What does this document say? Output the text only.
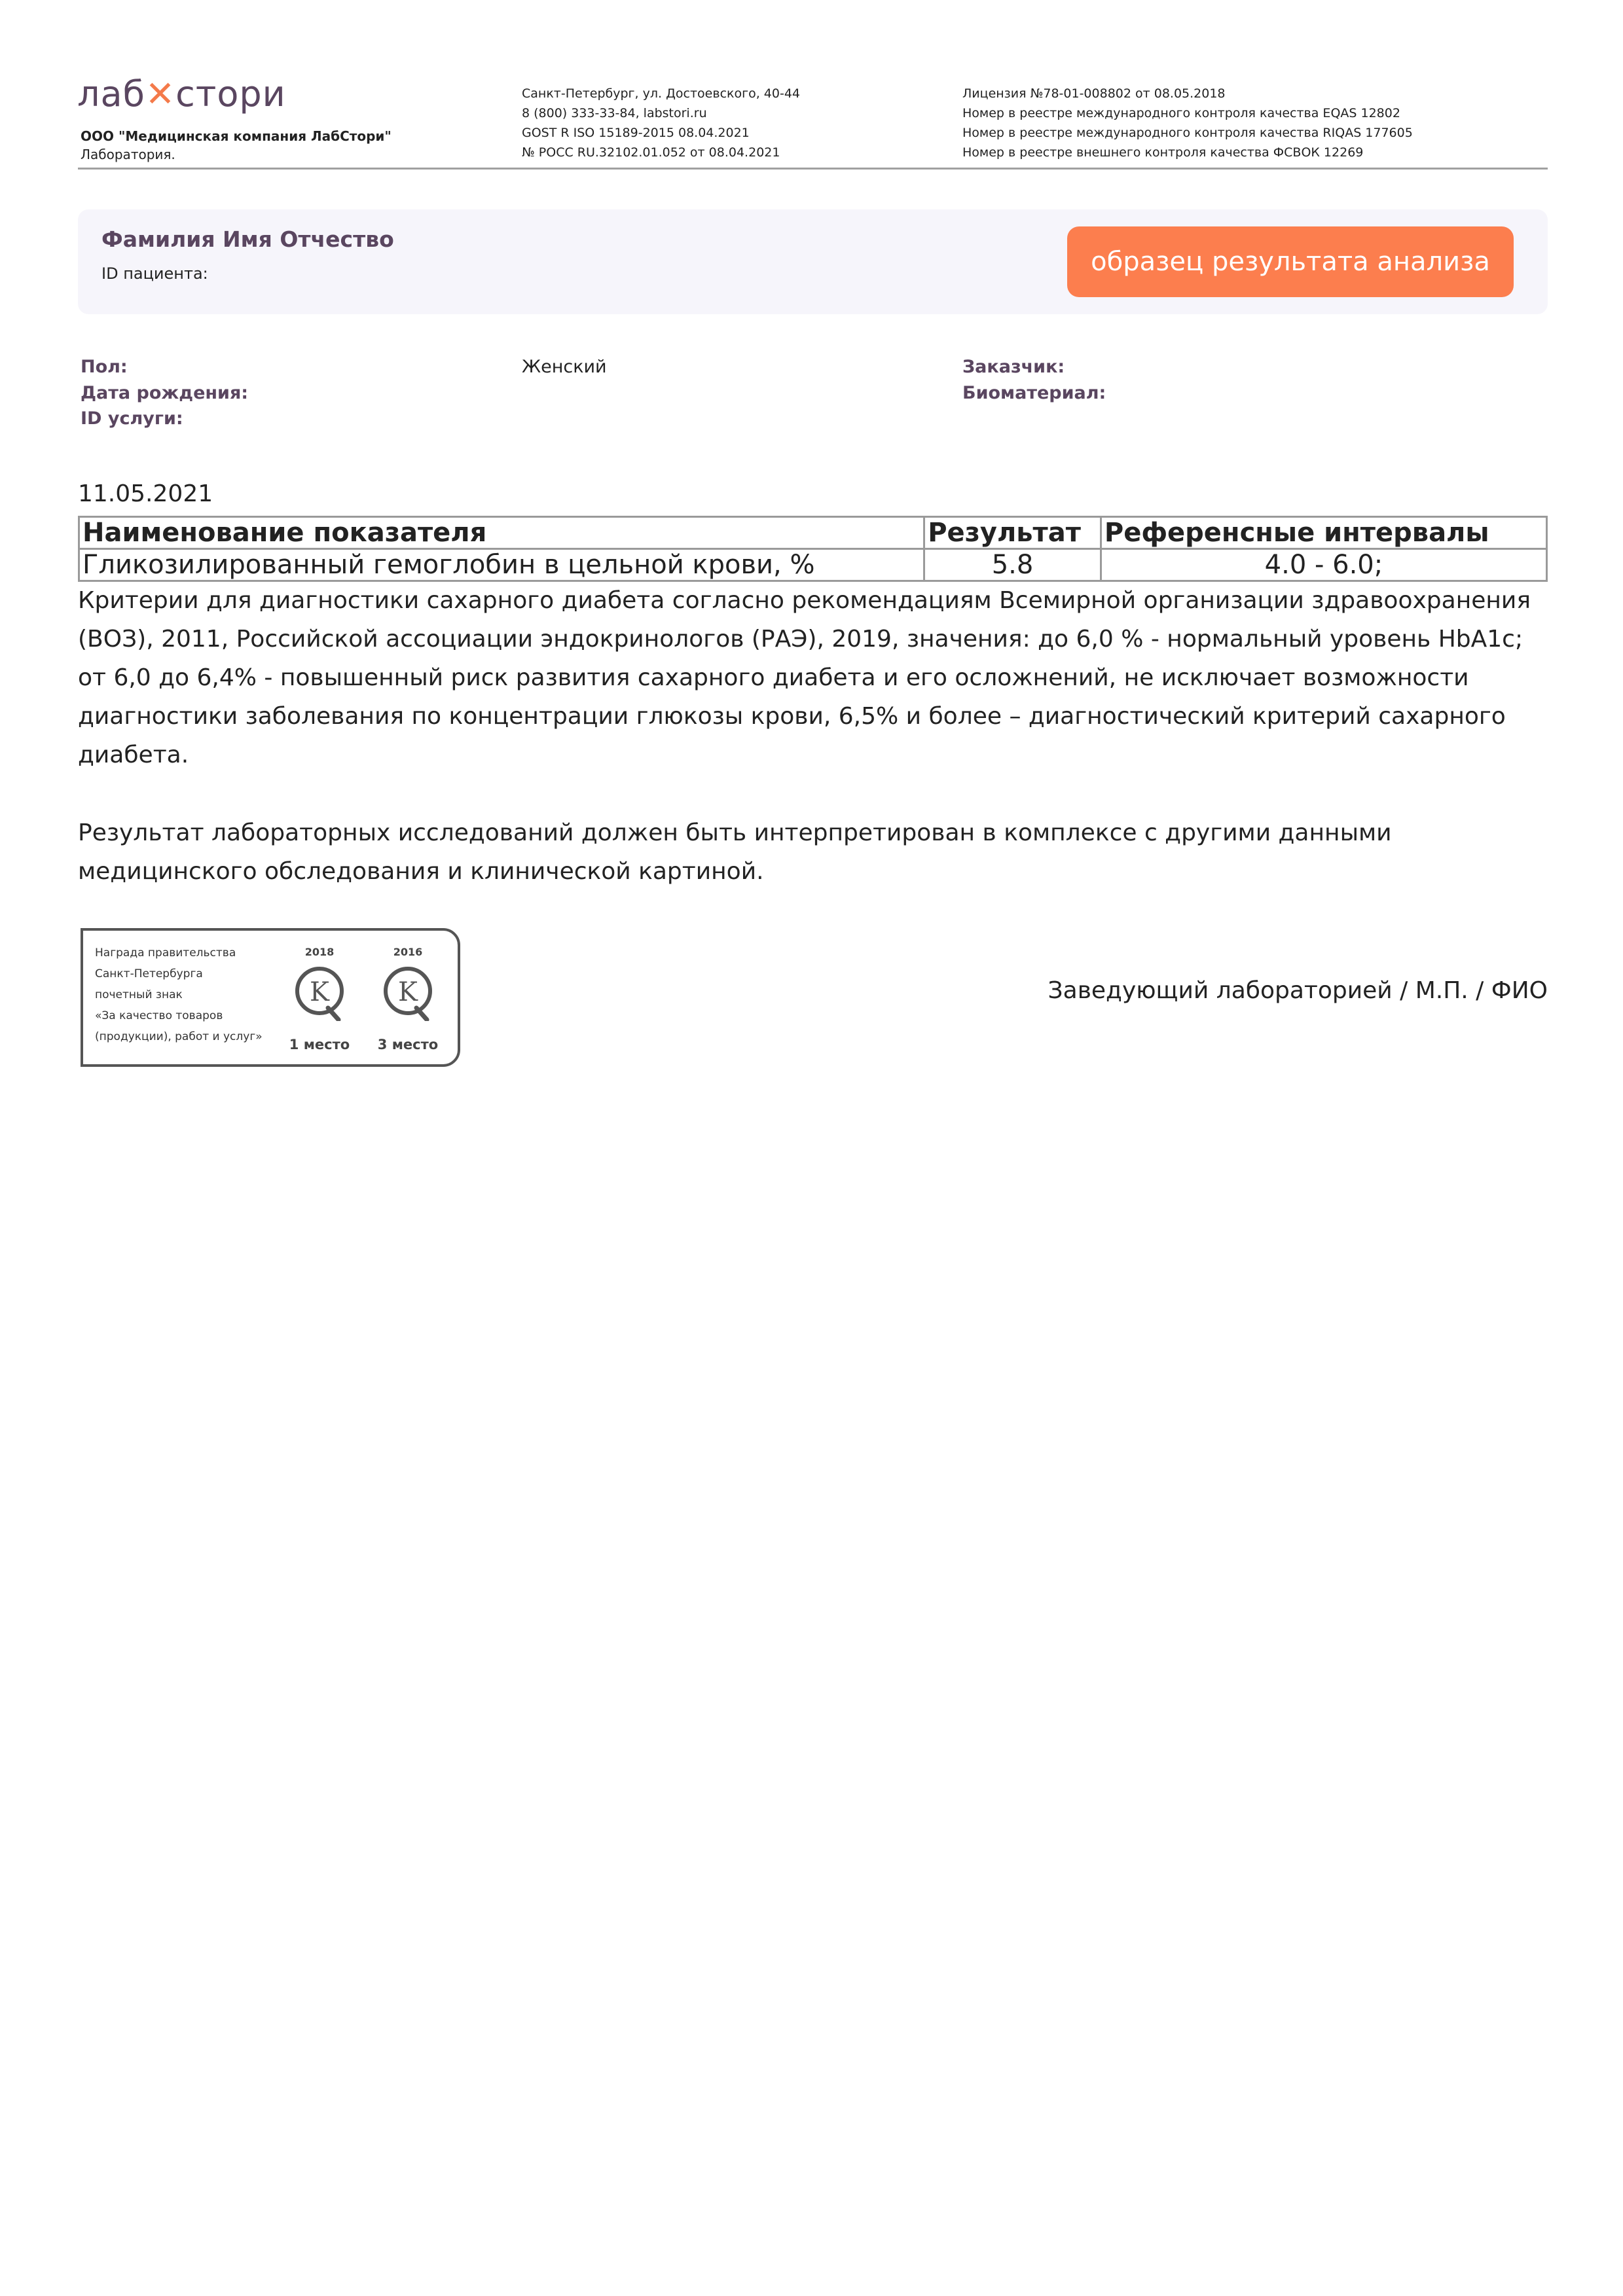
лаб✕стори
ООО "Медицинская компания ЛабСтори"
Лаборатория.
Санкт-Петербург, ул. Достоевского, 40-44
8 (800) 333-33-84, labstori.ru
GOST R ISO 15189-2015 08.04.2021
№ РОСС RU.32102.01.052 от 08.04.2021
Лицензия №78-01-008802 от 08.05.2018
Номер в реестре международного контроля качества EQAS 12802
Номер в реестре международного контроля качества RIQAS 177605
Номер в реестре внешнего контроля качества ФСВОК 12269
Фамилия Имя Отчество
ID пациента:	образец результата анализа
Пол:	Женский
Дата рождения:
ID услуги:
Заказчик:
Биоматериал:
11.05.2021
Наименование показателя	Результат	Референсные интервалы
Гликозилированный гемоглобин в цельной крови, %	5.8	4.0 - 6.0;
Критерии для диагностики сахарного диабета согласно рекомендациям Всемирной организации здравоохранения (ВОЗ), 2011, Российской ассоциации эндокринологов (РАЭ), 2019, значения: до 6,0 % - нормальный уровень HbA1c; от 6,0 до 6,4% - повышенный риск развития сахарного диабета и его осложнений, не исключает возможности диагностики заболевания по концентрации глюкозы крови, 6,5% и более – диагностический критерий сахарного диабета.
Результат лабораторных исследований должен быть интерпретирован в комплексе с другими данными медицинского обследования и клинической картиной.
Награда правительства
Санкт-Петербурга
почетный знак
«За качество товаров
(продукции), работ и услуг»
2018
K
1 место
2016
K
3 место
Заведующий лабораторией / М.П. / ФИО
